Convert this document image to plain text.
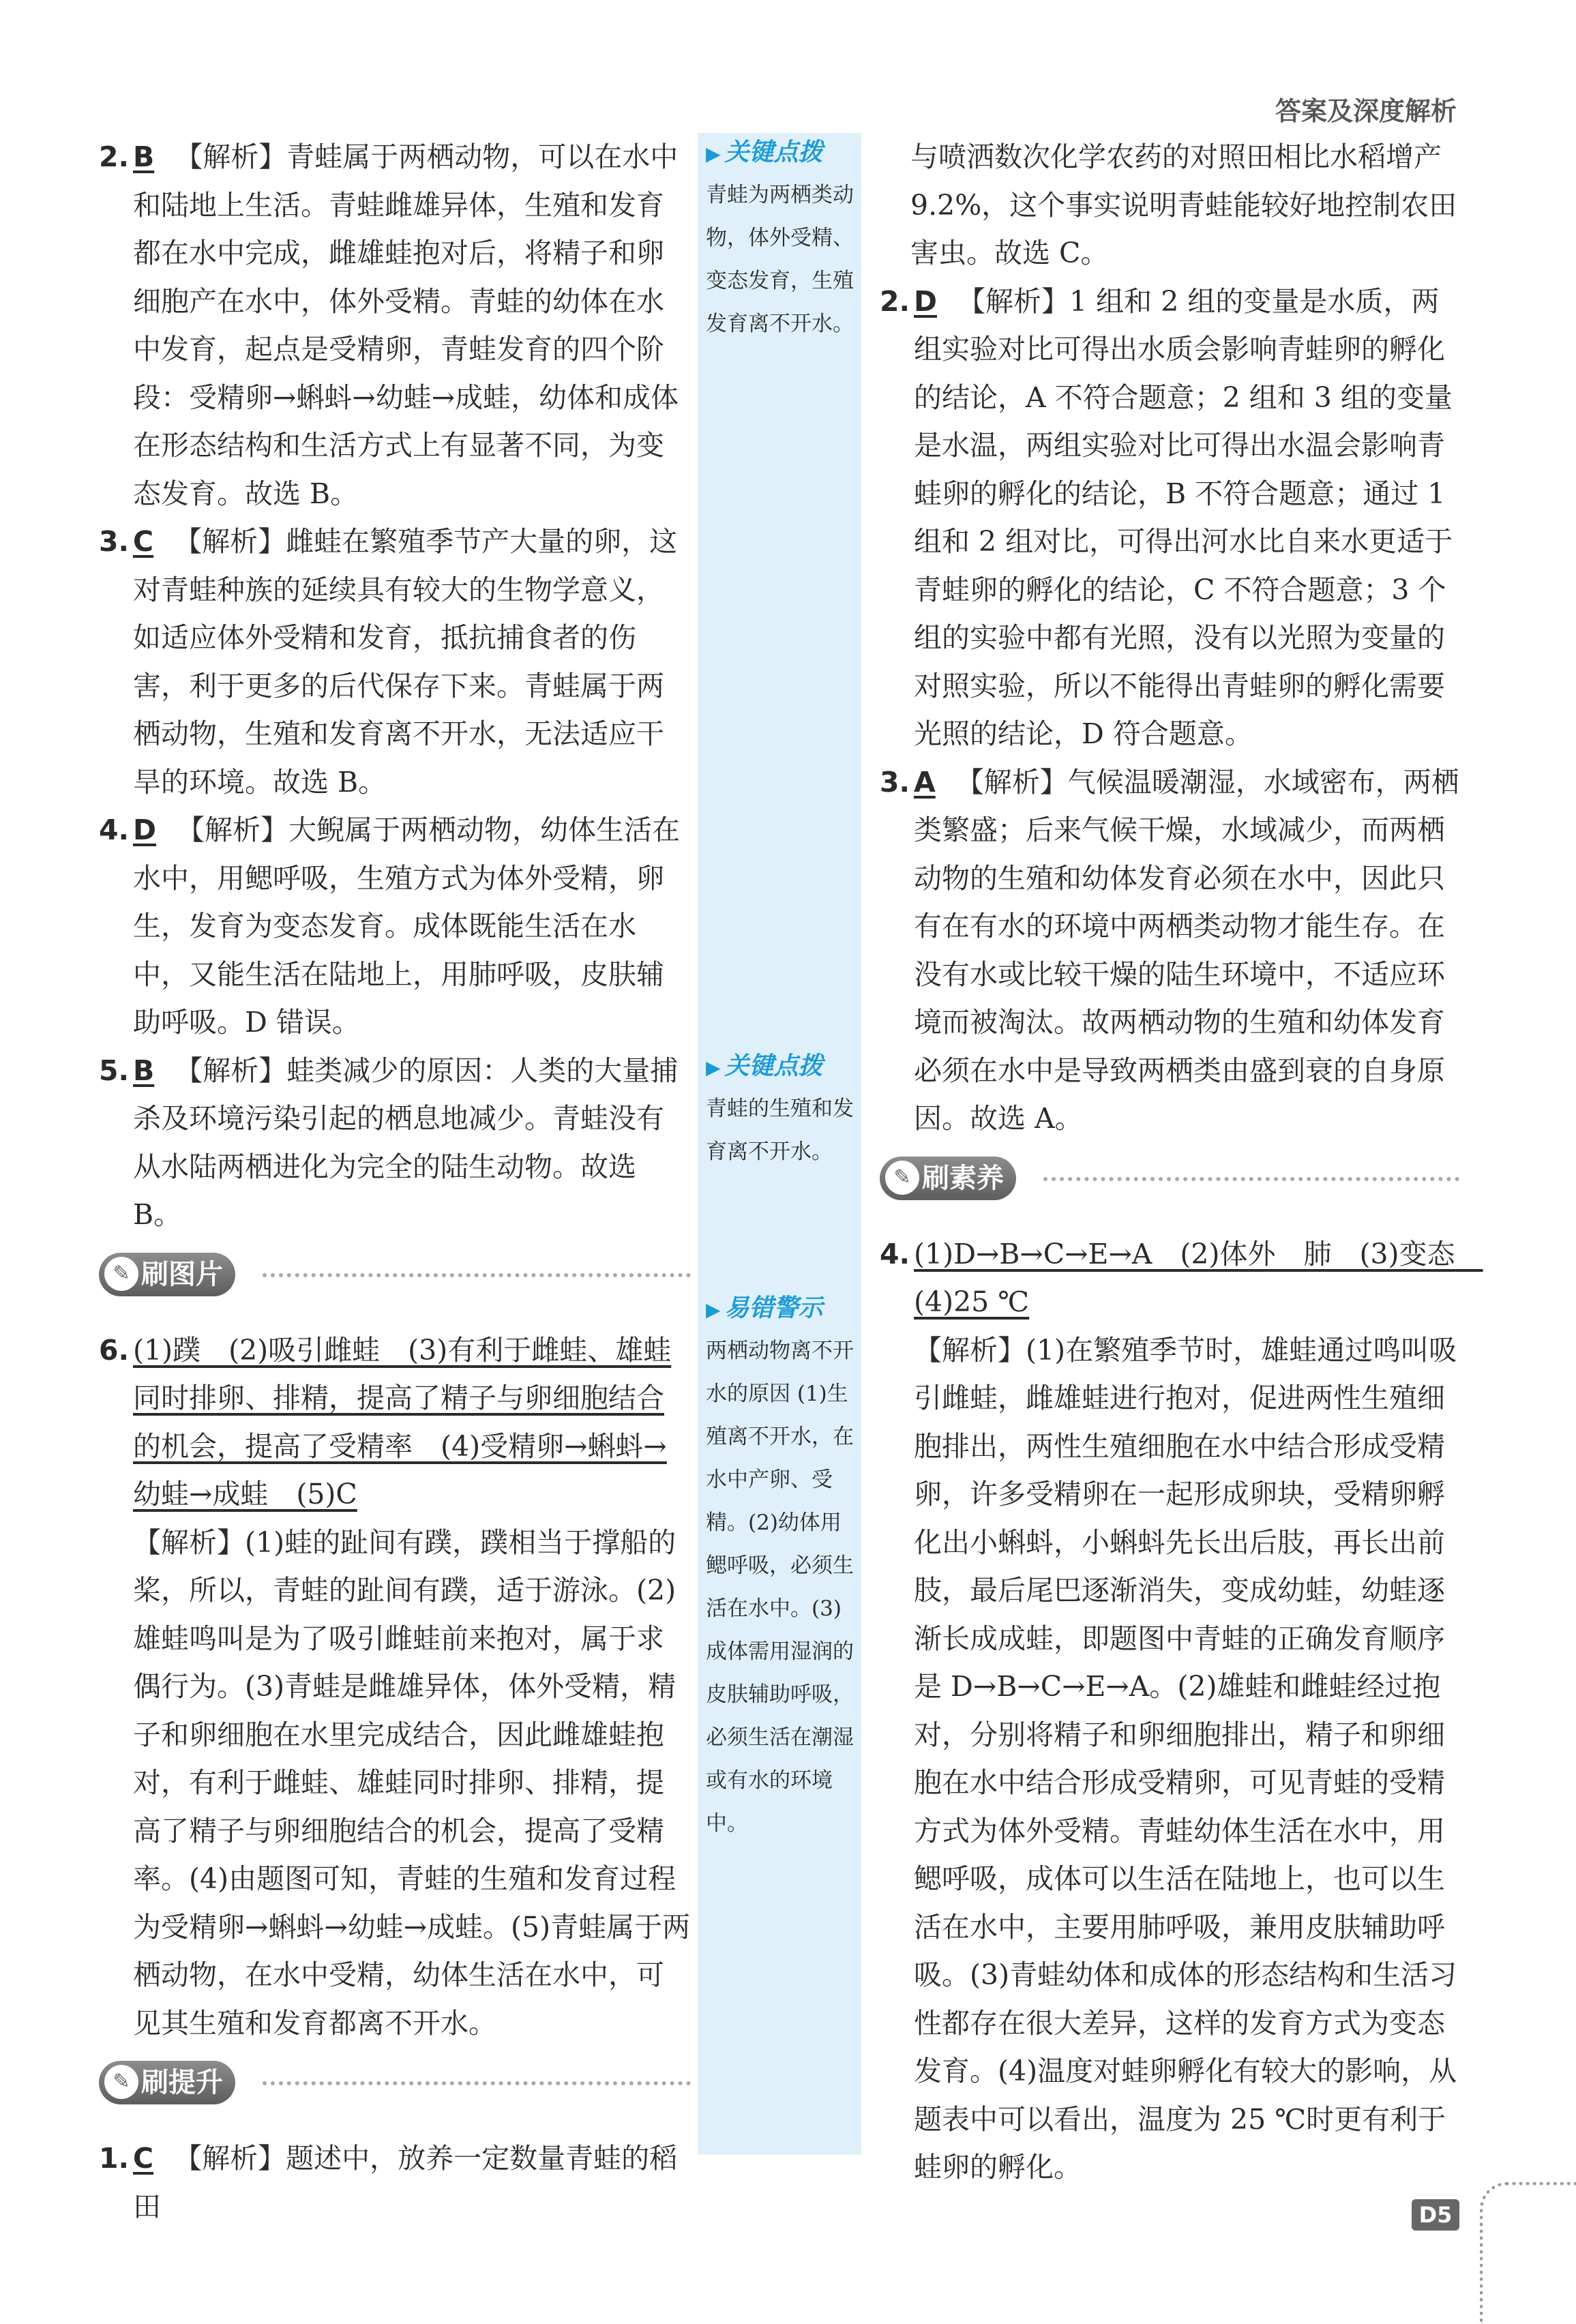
答案及深度解析
2. B 【解析】青蛙属于两栖动物，可以在水中和陆地上生活。青蛙雌雄异体，生殖和发育都在水中完成，雌雄蛙抱对后，将精子和卵细胞产在水中，体外受精。青蛙的幼体在水中发育，起点是受精卵，青蛙发育的四个阶段：受精卵→蝌蚪→幼蛙→成蛙，幼体和成体在形态结构和生活方式上有显著不同，为变态发育。故选 B。
3. C 【解析】雌蛙在繁殖季节产大量的卵，这对青蛙种族的延续具有较大的生物学意义，如适应体外受精和发育，抵抗捕食者的伤害，利于更多的后代保存下来。青蛙属于两栖动物，生殖和发育离不开水，无法适应干旱的环境。故选 B。
4. D 【解析】大鲵属于两栖动物，幼体生活在水中，用鳃呼吸，生殖方式为体外受精，卵生，发育为变态发育。成体既能生活在水中，又能生活在陆地上，用肺呼吸，皮肤辅助呼吸。D 错误。
5. B 【解析】蛙类减少的原因：人类的大量捕杀及环境污染引起的栖息地减少。青蛙没有从水陆两栖进化为完全的陆生动物。故选 B。
✎ 刷图片
6. (1)蹼　(2)吸引雌蛙　(3)有利于雌蛙、雄蛙同时排卵、排精，提高了精子与卵细胞结合的机会，提高了受精率　(4)受精卵→蝌蚪→幼蛙→成蛙　(5)C
【解析】(1)蛙的趾间有蹼，蹼相当于撑船的桨，所以，青蛙的趾间有蹼，适于游泳。(2)雄蛙鸣叫是为了吸引雌蛙前来抱对，属于求偶行为。(3)青蛙是雌雄异体，体外受精，精子和卵细胞在水里完成结合，因此雌雄蛙抱对，有利于雌蛙、雄蛙同时排卵、排精，提高了精子与卵细胞结合的机会，提高了受精率。(4)由题图可知，青蛙的生殖和发育过程为受精卵→蝌蚪→幼蛙→成蛙。(5)青蛙属于两栖动物，在水中受精，幼体生活在水中，可见其生殖和发育都离不开水。
✎ 刷提升
1. C 【解析】题述中，放养一定数量青蛙的稻田
▶ 关键点拨
青蛙为两栖类动物，体外受精、变态发育，生殖发育离不开水。
▶ 关键点拨
青蛙的生殖和发育离不开水。
▶ 易错警示
两栖动物离不开水的原因 (1)生殖离不开水，在水中产卵、受精。(2)幼体用鳃呼吸，必须生活在水中。(3)成体需用湿润的皮肤辅助呼吸，必须生活在潮湿或有水的环境中。
与喷洒数次化学农药的对照田相比水稻增产 9.2%，这个事实说明青蛙能较好地控制农田害虫。故选 C。
2. D 【解析】1 组和 2 组的变量是水质，两组实验对比可得出水质会影响青蛙卵的孵化的结论，A 不符合题意；2 组和 3 组的变量是水温，两组实验对比可得出水温会影响青蛙卵的孵化的结论，B 不符合题意；通过 1 组和 2 组对比，可得出河水比自来水更适于青蛙卵的孵化的结论，C 不符合题意；3 个组的实验中都有光照，没有以光照为变量的对照实验，所以不能得出青蛙卵的孵化需要光照的结论，D 符合题意。
3. A 【解析】气候温暖潮湿，水域密布，两栖类繁盛；后来气候干燥，水域减少，而两栖动物的生殖和幼体发育必须在水中，因此只有在有水的环境中两栖类动物才能生存。在没有水或比较干燥的陆生环境中，不适应环境而被淘汰。故两栖动物的生殖和幼体发育必须在水中是导致两栖类由盛到衰的自身原因。故选 A。
✎ 刷素养
4. (1)D→B→C→E→A　(2)体外　肺　(3)变态　(4)25 ℃
【解析】(1)在繁殖季节时，雄蛙通过鸣叫吸引雌蛙，雌雄蛙进行抱对，促进两性生殖细胞排出，两性生殖细胞在水中结合形成受精卵，许多受精卵在一起形成卵块，受精卵孵化出小蝌蚪，小蝌蚪先长出后肢，再长出前肢，最后尾巴逐渐消失，变成幼蛙，幼蛙逐渐长成成蛙，即题图中青蛙的正确发育顺序是 D→B→C→E→A。(2)雄蛙和雌蛙经过抱对，分别将精子和卵细胞排出，精子和卵细胞在水中结合形成受精卵，可见青蛙的受精方式为体外受精。青蛙幼体生活在水中，用鳃呼吸，成体可以生活在陆地上，也可以生活在水中，主要用肺呼吸，兼用皮肤辅助呼吸。(3)青蛙幼体和成体的形态结构和生活习性都存在很大差异，这样的发育方式为变态发育。(4)温度对蛙卵孵化有较大的影响，从题表中可以看出，温度为 25 ℃时更有利于蛙卵的孵化。
D5
